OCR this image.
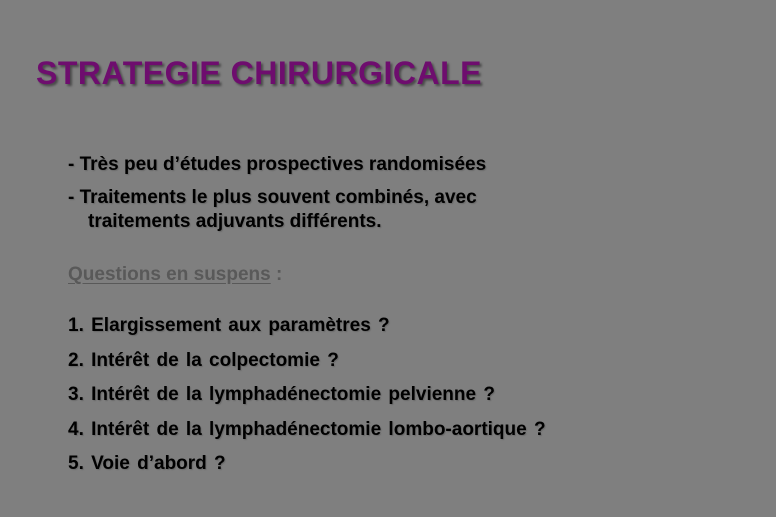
STRATEGIE CHIRURGICALE
- Très peu d’études prospectives randomisées
- Traitements le plus souvent combinés, avec
traitements adjuvants différents.
Questions en suspens :
1. Elargissement aux paramètres ?
2. Intérêt de la colpectomie ?
3. Intérêt de la lymphadénectomie pelvienne ?
4. Intérêt de la lymphadénectomie lombo-aortique ?
5. Voie d’abord ?
